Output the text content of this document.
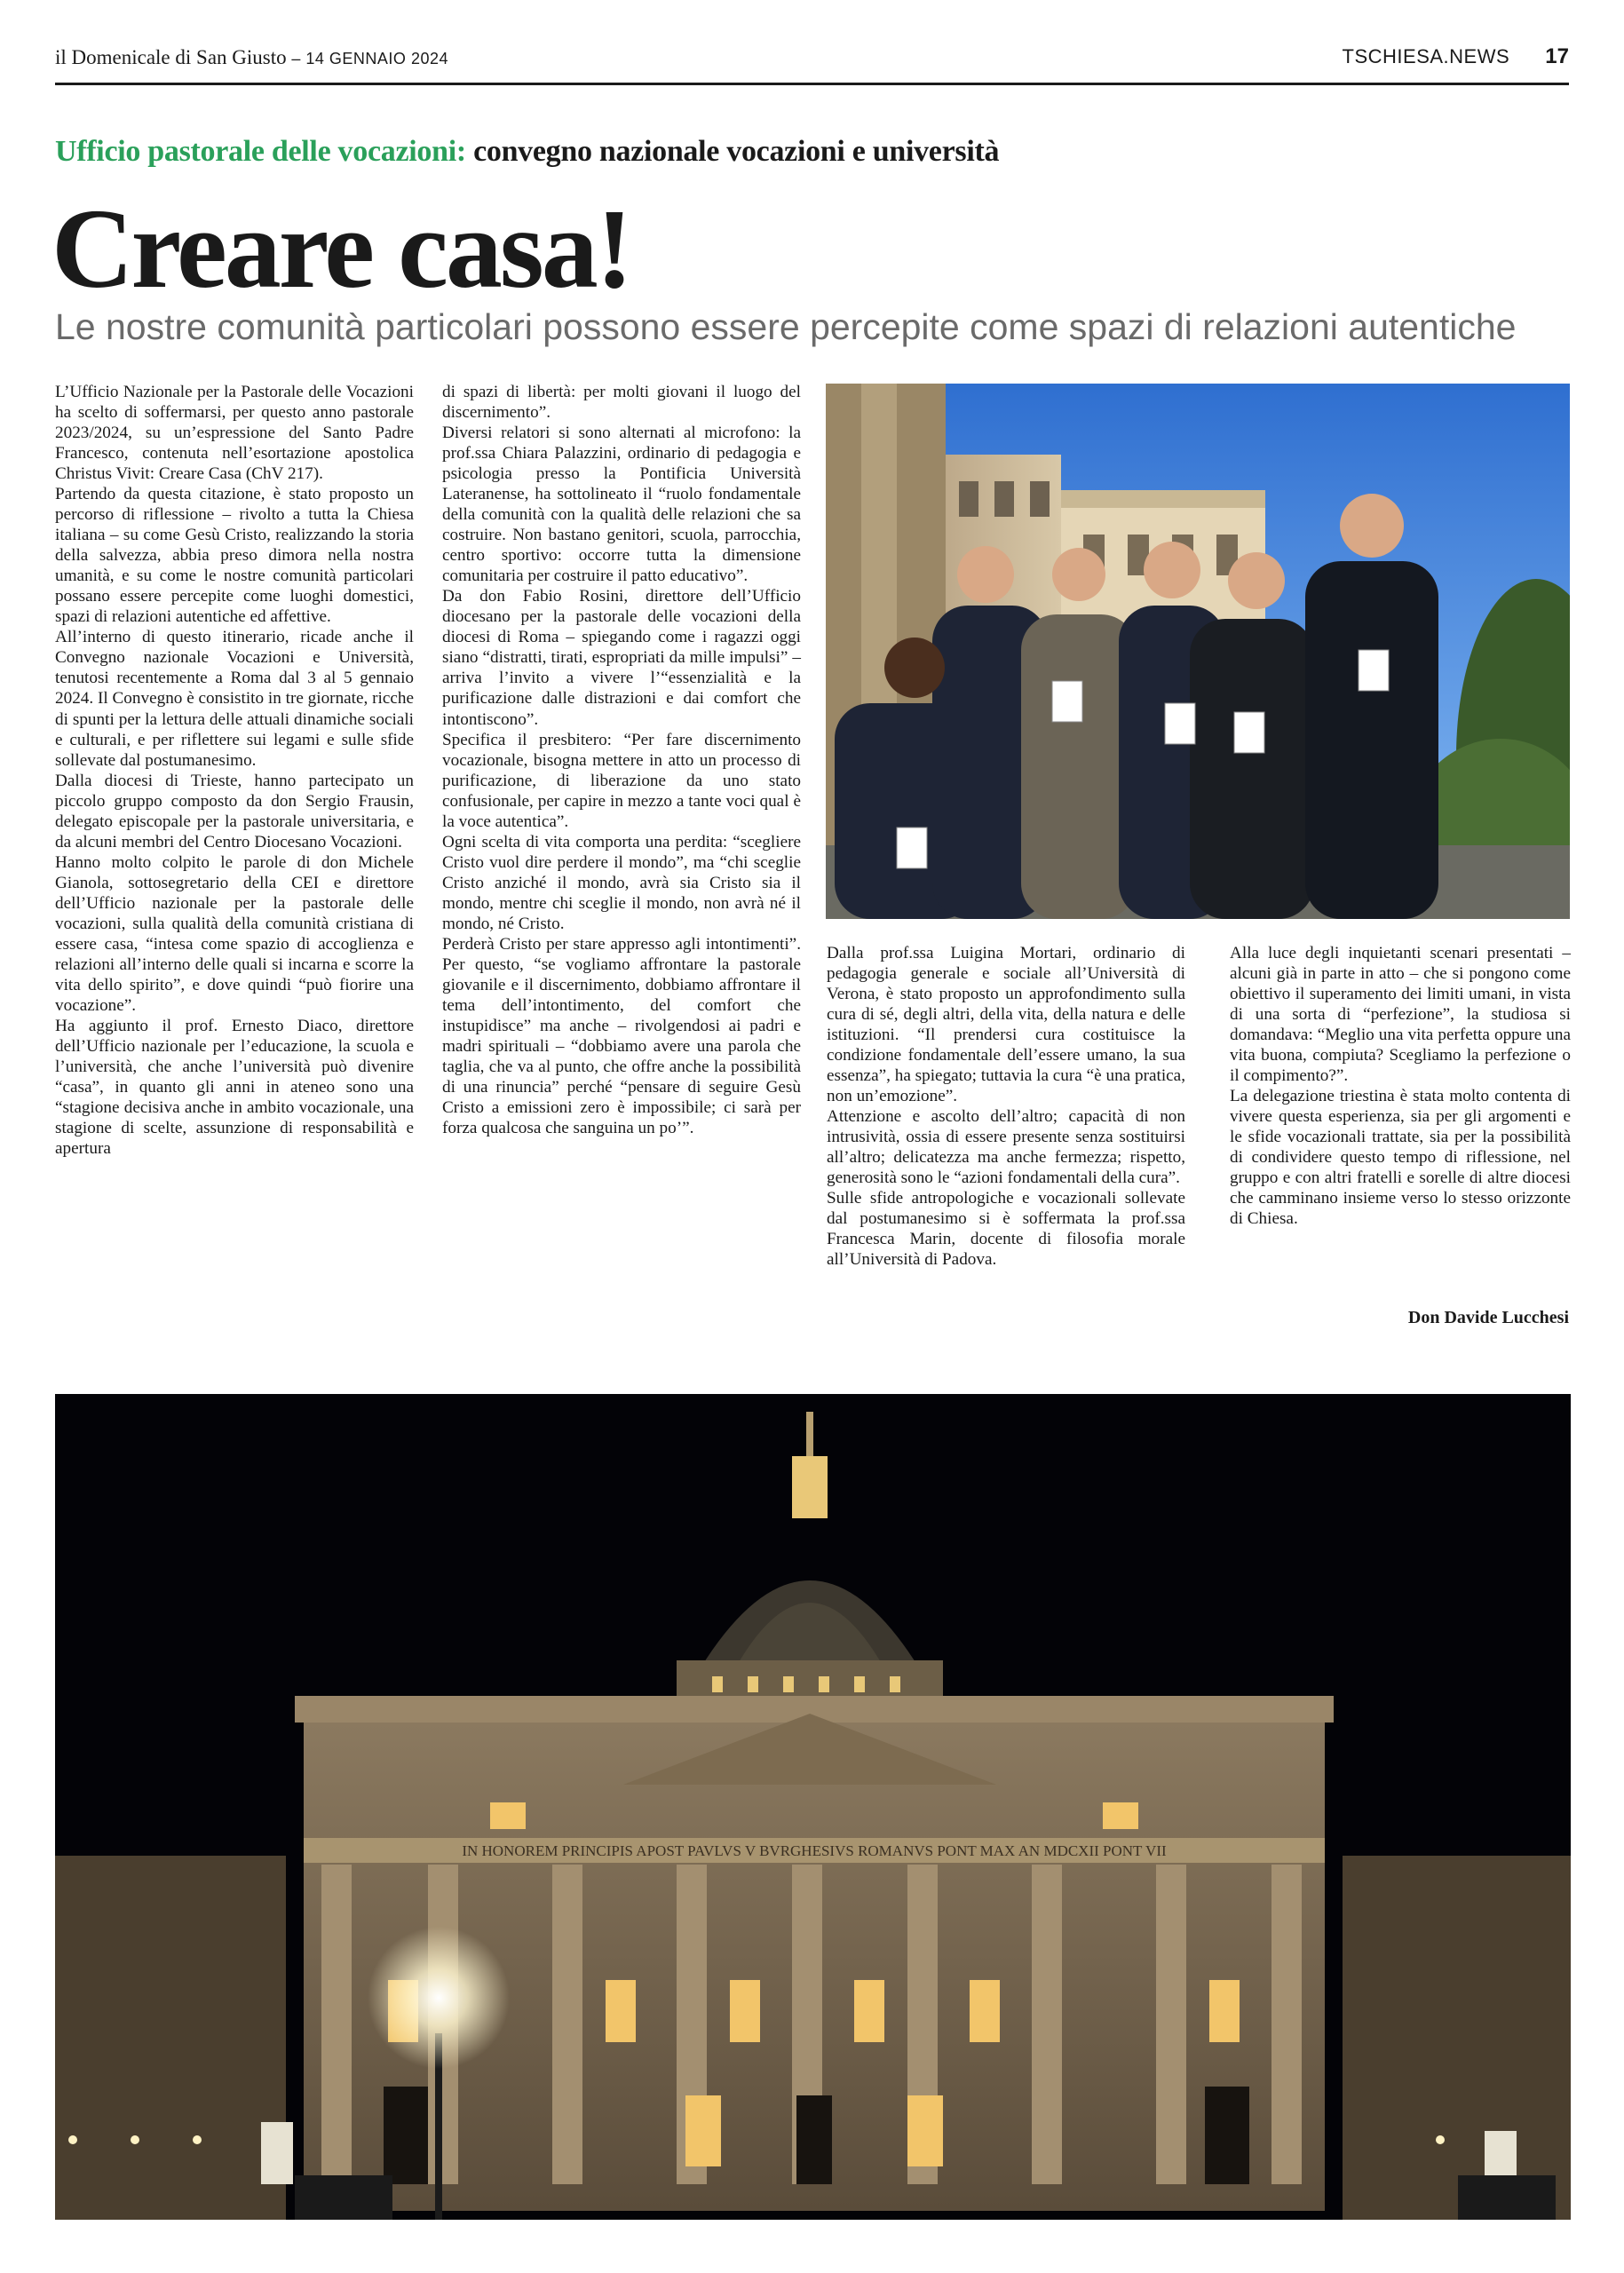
il Domenicale di San Giusto – 14 GENNAIO 2024	TSCHIESA.NEWS 17
Ufficio pastorale delle vocazioni: convegno nazionale vocazioni e università
Creare casa!
Le nostre comunità particolari possono essere percepite come spazi di relazioni autentiche

L’Ufficio Nazionale per la Pastorale delle Vocazioni ha scelto di soffermarsi, per questo anno pastorale 2023/2024, su un’espressione del Santo Padre Francesco, contenuta nell’esortazione apostolica Christus Vivit: Creare Casa (ChV 217).

Partendo da questa citazione, è stato proposto un percorso di riflessione – rivolto a tutta la Chiesa italiana – su come Gesù Cristo, realizzando la storia della salvezza, abbia preso dimora nella nostra umanità, e su come le nostre comunità particolari possano essere percepite come luoghi domestici, spazi di relazioni autentiche ed affettive.

All’interno di questo itinerario, ricade anche il Convegno nazionale Vocazioni e Università, tenutosi recentemente a Roma dal 3 al 5 gennaio 2024. Il Convegno è consistito in tre giornate, ricche di spunti per la lettura delle attuali dinamiche sociali e culturali, e per riflettere sui legami e sulle sfide sollevate dal postumanesimo.

Dalla diocesi di Trieste, hanno partecipato un piccolo gruppo composto da don Sergio Frausin, delegato episcopale per la pastorale universitaria, e da alcuni membri del Centro Diocesano Vocazioni.

Hanno molto colpito le parole di don Michele Gianola, sottosegretario della CEI e direttore dell’Ufficio nazionale per la pastorale delle vocazioni, sulla qualità della comunità cristiana di essere casa, “intesa come spazio di accoglienza e relazioni all’interno delle quali si incarna e scorre la vita dello spirito”, e dove quindi “può fiorire una vocazione”.

Ha aggiunto il prof. Ernesto Diaco, direttore dell’Ufficio nazionale per l’educazione, la scuola e l’università, che anche l’università può divenire “casa”, in quanto gli anni in ateneo sono una “stagione decisiva anche in ambito vocazionale, una stagione di scelte, assunzione di responsabilità e apertura

di spazi di libertà: per molti giovani il luogo del discernimento”.

Diversi relatori si sono alternati al microfono: la prof.ssa Chiara Palazzini, ordinario di pedagogia e psicologia presso la Pontificia Università Lateranense, ha sottolineato il “ruolo fondamentale della comunità con la qualità delle relazioni che sa costruire. Non bastano genitori, scuola, parrocchia, centro sportivo: occorre tutta la dimensione comunitaria per costruire il patto educativo”.

Da don Fabio Rosini, direttore dell’Ufficio diocesano per la pastorale delle vocazioni della diocesi di Roma – spiegando come i ragazzi oggi siano “distratti, tirati, espropriati da mille impulsi” – arriva l’invito a vivere l’“essenzialità e la purificazione dalle distrazioni e dai comfort che intontiscono”.

Specifica il presbitero: “Per fare discernimento vocazionale, bisogna mettere in atto un processo di purificazione, di liberazione da uno stato confusionale, per capire in mezzo a tante voci qual è la voce autentica”.

Ogni scelta di vita comporta una perdita: “scegliere Cristo vuol dire perdere il mondo”, ma “chi sceglie Cristo anziché il mondo, avrà sia Cristo sia il mondo, mentre chi sceglie il mondo, non avrà né il mondo, né Cristo.

Perderà Cristo per stare appresso agli intontimenti”. Per questo, “se vogliamo affrontare la pastorale giovanile e il discernimento, dobbiamo affrontare il tema dell’intontimento, del comfort che instupidisce” ma anche – rivolgendosi ai padri e madri spirituali – “dobbiamo avere una parola che taglia, che va al punto, che offre anche la possibilità di una rinuncia” perché “pensare di seguire Gesù Cristo a emissioni zero è impossibile; ci sarà per forza qualcosa che sanguina un po’”.

Dalla prof.ssa Luigina Mortari, ordinario di pedagogia generale e sociale all’Università di Verona, è stato proposto un approfondimento sulla cura di sé, degli altri, della vita, della natura e delle istituzioni. “Il prendersi cura costituisce la condizione fondamentale dell’essere umano, la sua essenza”, ha spiegato; tuttavia la cura “è una pratica, non un’emozione”.

Attenzione e ascolto dell’altro; capacità di non intrusività, ossia di essere presente senza sostituirsi all’altro; delicatezza ma anche fermezza; rispetto, generosità sono le “azioni fondamentali della cura”.

Sulle sfide antropologiche e vocazionali sollevate dal postumanesimo si è soffermata la prof.ssa Francesca Marin, docente di filosofia morale all’Università di Padova.

Alla luce degli inquietanti scenari presentati – alcuni già in parte in atto – che si pongono come obiettivo il superamento dei limiti umani, in vista di una sorta di “perfezione”, la studiosa si domandava: “Meglio una vita perfetta oppure una vita buona, compiuta? Scegliamo la perfezione o il compimento?”.

La delegazione triestina è stata molto contenta di vivere questa esperienza, sia per gli argomenti e le sfide vocazionali trattate, sia per la possibilità di condividere questo tempo di riflessione, nel gruppo e con altri fratelli e sorelle di altre diocesi che camminano insieme verso lo stesso orizzonte di Chiesa.

Don Davide Lucchesi
IN HONOREM PRINCIPIS APOST PAVLVS V BVRGHESIVS ROMANVS PONT MAX AN MDCXII PONT VII
